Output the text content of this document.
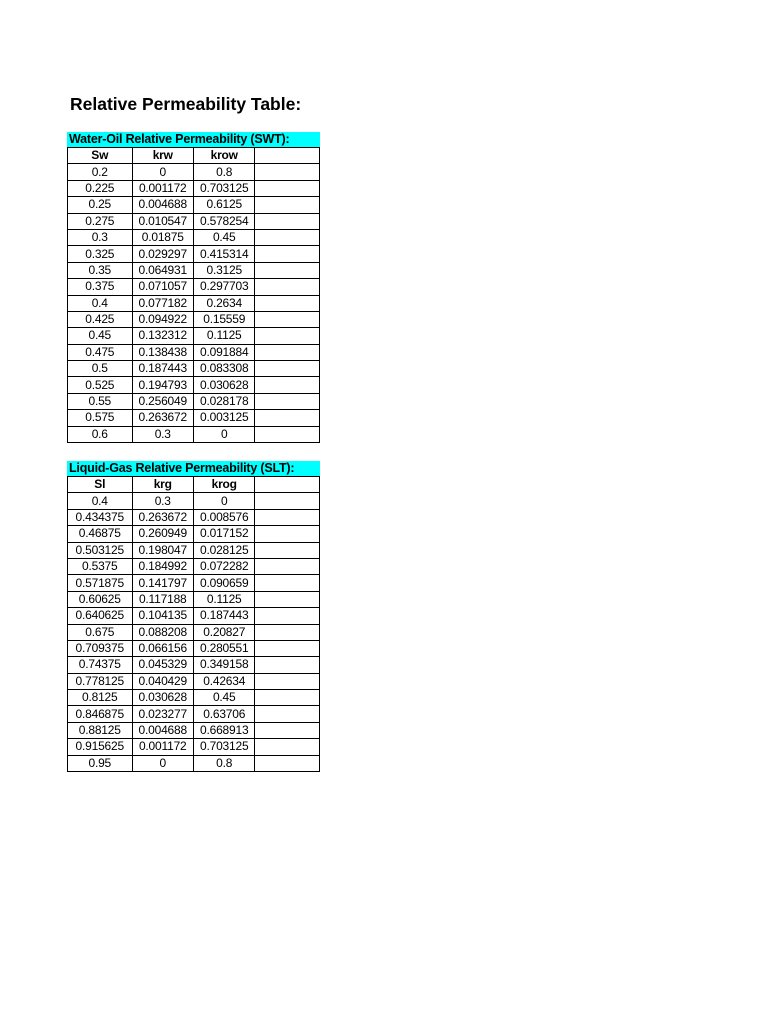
Relative Permeability Table:
Water-Oil Relative Permeability (SWT):
Sw	krw	krow	
0.2	0	0.8	
0.225	0.001172	0.703125	
0.25	0.004688	0.6125	
0.275	0.010547	0.578254	
0.3	0.01875	0.45	
0.325	0.029297	0.415314	
0.35	0.064931	0.3125	
0.375	0.071057	0.297703	
0.4	0.077182	0.2634	
0.425	0.094922	0.15559	
0.45	0.132312	0.1125	
0.475	0.138438	0.091884	
0.5	0.187443	0.083308	
0.525	0.194793	0.030628	
0.55	0.256049	0.028178	
0.575	0.263672	0.003125	
0.6	0.3	0	
Liquid-Gas Relative Permeability (SLT):
Sl	krg	krog	
0.4	0.3	0	
0.434375	0.263672	0.008576	
0.46875	0.260949	0.017152	
0.503125	0.198047	0.028125	
0.5375	0.184992	0.072282	
0.571875	0.141797	0.090659	
0.60625	0.117188	0.1125	
0.640625	0.104135	0.187443	
0.675	0.088208	0.20827	
0.709375	0.066156	0.280551	
0.74375	0.045329	0.349158	
0.778125	0.040429	0.42634	
0.8125	0.030628	0.45	
0.846875	0.023277	0.63706	
0.88125	0.004688	0.668913	
0.915625	0.001172	0.703125	
0.95	0	0.8	
